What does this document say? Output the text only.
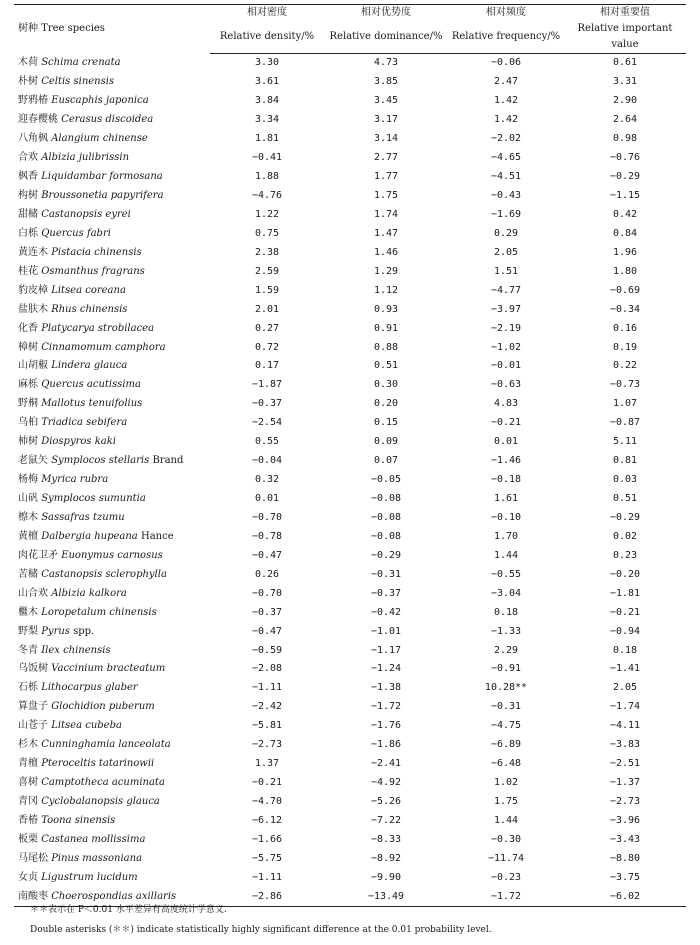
树种 Tree species	相对密度	相对优势度	相对频度	相对重要值
	Relative density/%	Relative dominance/%	Relative frequency/%	Relative important value
木荷 Schima crenata	3.30	4.73	−0.06	0.61
朴树 Celtis sinensis	3.61	3.85	2.47	3.31
野鸦椿 Euscaphis japonica	3.84	3.45	1.42	2.90
迎春樱桃 Cerasus discoidea	3.34	3.17	1.42	2.64
八角枫 Alangium chinense	1.81	3.14	−2.02	0.98
合欢 Albizia julibrissin	−0.41	2.77	−4.65	−0.76
枫香 Liquidambar formosana	1.88	1.77	−4.51	−0.29
构树 Broussonetia papyrifera	−4.76	1.75	−0.43	−1.15
甜槠 Castanopsis eyrei	1.22	1.74	−1.69	0.42
白栎 Quercus fabri	0.75	1.47	0.29	0.84
黄连木 Pistacia chinensis	2.38	1.46	2.05	1.96
桂花 Osmanthus fragrans	2.59	1.29	1.51	1.80
豹皮樟 Litsea coreana	1.59	1.12	−4.77	−0.69
盐肤木 Rhus chinensis	2.01	0.93	−3.97	−0.34
化香 Platycarya strobilacea	0.27	0.91	−2.19	0.16
樟树 Cinnamomum camphora	0.72	0.88	−1.02	0.19
山胡椒 Lindera glauca	0.17	0.51	−0.01	0.22
麻栎 Quercus acutissima	−1.87	0.30	−0.63	−0.73
野桐 Mallotus tenuifolius	−0.37	0.20	4.83	1.07
乌桕 Triadica sebifera	−2.54	0.15	−0.21	−0.87
柿树 Diospyros kaki	0.55	0.09	0.01	5.11
老鼠矢 Symplocos stellaris Brand	−0.04	0.07	−1.46	0.81
杨梅 Myrica rubra	0.32	−0.05	−0.18	0.03
山矾 Symplocos sumuntia	0.01	−0.08	1.61	0.51
檫木 Sassafras tzumu	−0.70	−0.08	−0.10	−0.29
黄檀 Dalbergia hupeana Hance	−0.78	−0.08	1.70	0.02
肉花卫矛 Euonymus carnosus	−0.47	−0.29	1.44	0.23
苦槠 Castanopsis sclerophylla	0.26	−0.31	−0.55	−0.20
山合欢 Albizia kalkora	−0.70	−0.37	−3.04	−1.81
檵木 Loropetalum chinensis	−0.37	−0.42	0.18	−0.21
野梨 Pyrus spp.	−0.47	−1.01	−1.33	−0.94
冬青 Ilex chinensis	−0.59	−1.17	2.29	0.18
乌饭树 Vaccinium bracteatum	−2.08	−1.24	−0.91	−1.41
石栎 Lithocarpus glaber	−1.11	−1.38	10.28**	2.05
算盘子 Glochidion puberum	−2.42	−1.72	−0.31	−1.74
山苍子 Litsea cubeba	−5.81	−1.76	−4.75	−4.11
杉木 Cunninghamia lanceolata	−2.73	−1.86	−6.89	−3.83
青檀 Pteroceltis tatarinowii	1.37	−2.41	−6.48	−2.51
喜树 Camptotheca acuminata	−0.21	−4.92	1.02	−1.37
青冈 Cyclobalanopsis glauca	−4.70	−5.26	1.75	−2.73
香椿 Toona sinensis	−6.12	−7.22	1.44	−3.96
板栗 Castanea mollissima	−1.66	−8.33	−0.30	−3.43
马尾松 Pinus massoniana	−5.75	−8.92	−11.74	−8.80
女贞 Ligustrum lucidum	−1.11	−9.90	−0.23	−3.75
南酸枣 Choerospondias axillaris	−2.86	−13.49	−1.72	−6.02
＊＊表示在 P＜0.01 水平差异有高度统计学意义.
Double asterisks (＊＊) indicate statistically highly significant difference at the 0.01 probability level.
